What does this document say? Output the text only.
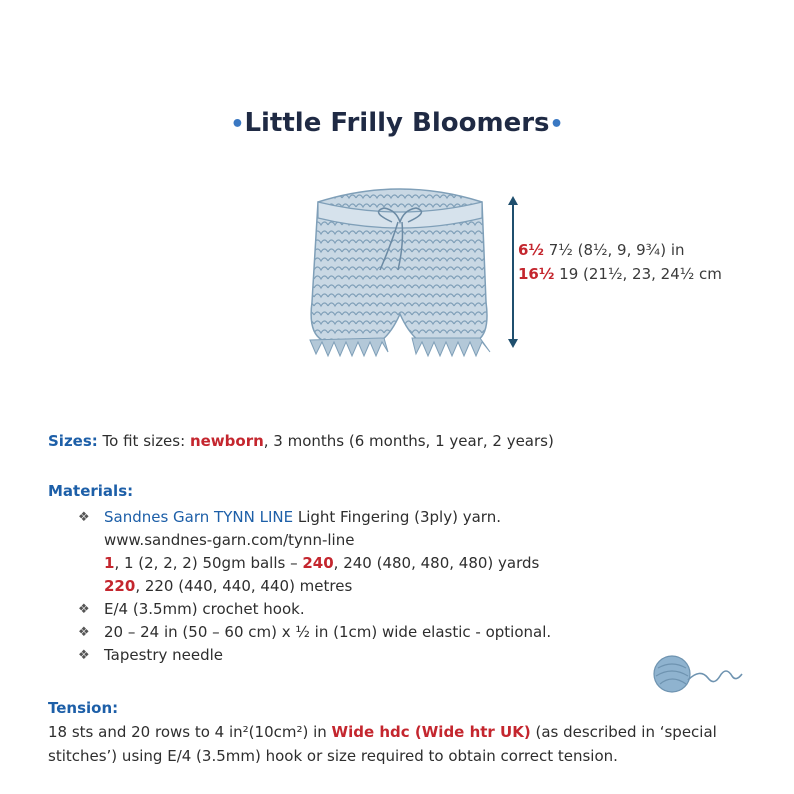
•Little Frilly Bloomers•
6½ 7½ (8½, 9, 9¾) in
16½ 19 (21½, 23, 24½ cm
Sizes: To fit sizes: newborn, 3 months (6 months, 1 year, 2 years)
Materials:
❖ Sandnes Garn TYNN LINE Light Fingering (3ply) yarn.
www.sandnes-garn.com/tynn-line
1, 1 (2, 2, 2) 50gm balls – 240, 240 (480, 480, 480) yards
220, 220 (440, 440, 440) metres
❖ E/4 (3.5mm) crochet hook.
❖ 20 – 24 in (50 – 60 cm) x ½ in (1cm) wide elastic - optional.
❖ Tapestry needle
Tension:
18 sts and 20 rows to 4 in²(10cm²) in Wide hdc (Wide htr UK) (as described in ‘special stitches’) using E/4 (3.5mm) hook or size required to obtain correct tension.
